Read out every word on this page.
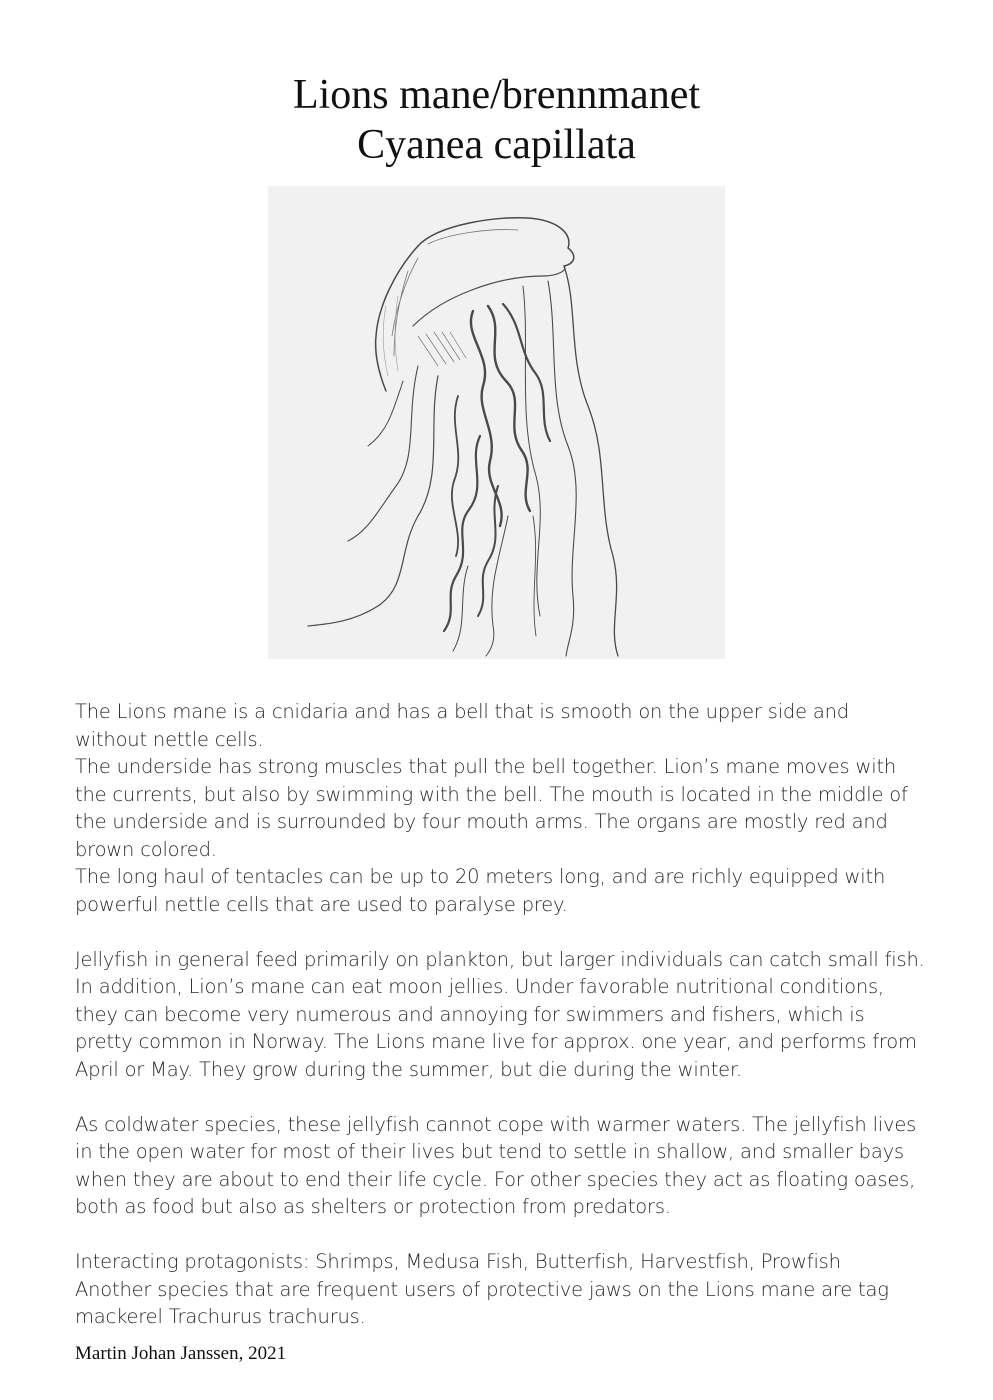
Lions mane/brennmanet
Cyanea capillata

The Lions mane is a cnidaria and has a bell that is smooth on the upper side and without nettle cells.

The underside has strong muscles that pull the bell together. Lion’s mane moves with the currents, but also by swimming with the bell. The mouth is located in the middle of the underside and is surrounded by four mouth arms. The organs are mostly red and brown colored.

The long haul of tentacles can be up to 20 meters long, and are richly equipped with powerful nettle cells that are used to paralyse prey.

Jellyfish in general feed primarily on plankton, but larger individuals can catch small fish. In addition, Lion’s mane can eat moon jellies. Under favorable nutritional conditions, they can become very numerous and annoying for swimmers and fishers, which is pretty common in Norway. The Lions mane live for approx. one year, and performs from April or May. They grow during the summer, but die during the winter.

As coldwater species, these jellyfish cannot cope with warmer waters. The jellyfish lives in the open water for most of their lives but tend to settle in shallow, and smaller bays when they are about to end their life cycle. For other species they act as floating oases, both as food but also as shelters or protection from predators.

Interacting protagonists: Shrimps, Medusa Fish, Butterfish, Harvestfish, Prowfish

Another species that are frequent users of protective jaws on the Lions mane are tag mackerel Trachurus trachurus.

Martin Johan Janssen, 2021
